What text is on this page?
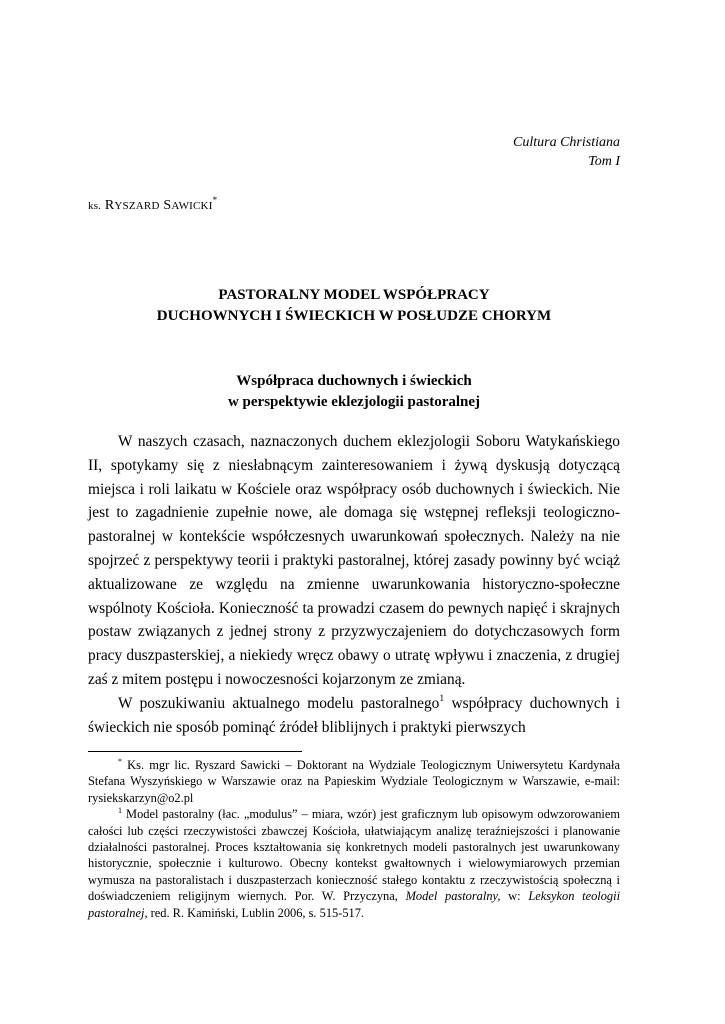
Cultura Christiana
Tom I
ks. RYSZARD SAWICKI*
PASTORALNY MODEL WSPÓŁPRACY
DUCHOWNYCH I ŚWIECKICH W POSŁUDZE CHORYM
Współpraca duchownych i świeckich
w perspektywie eklezjologii pastoralnej

W naszych czasach, naznaczonych duchem eklezjologii Soboru Watykańskiego II, spotykamy się z niesłabnącym zainteresowaniem i żywą dyskusją dotyczącą miejsca i roli laikatu w Kościele oraz współpracy osób duchownych i świeckich. Nie jest to zagadnienie zupełnie nowe, ale domaga się wstępnej refleksji teologiczno-pastoralnej w kontekście współczesnych uwarunkowań społecznych. Należy na nie spojrzeć z perspektywy teorii i praktyki pastoralnej, której zasady powinny być wciąż aktualizowane ze względu na zmienne uwarunkowania historyczno-społeczne wspólnoty Kościoła. Konieczność ta prowadzi czasem do pewnych napięć i skrajnych postaw związanych z jednej strony z przyzwyczajeniem do dotychczasowych form pracy duszpasterskiej, a niekiedy wręcz obawy o utratę wpływu i znaczenia, z drugiej zaś z mitem postępu i nowoczesności kojarzonym ze zmianą.

W poszukiwaniu aktualnego modelu pastoralnego$^1$ współpracy duchownych i świeckich nie sposób pominąć źródeł bliblijnych i praktyki pierwszych

* Ks. mgr lic. Ryszard Sawicki – Doktorant na Wydziale Teologicznym Uniwersytetu Kardynała Stefana Wyszyńskiego w Warszawie oraz na Papieskim Wydziale Teologicznym w Warszawie, e-mail: rysiekskarzyn@o2.pl

$^1$ Model pastoralny (łac. „modulus” – miara, wzór) jest graficznym lub opisowym odwzorowaniem całości lub części rzeczywistości zbawczej Kościoła, ułatwiającym analizę teraźniejszości i planowanie działalności pastoralnej. Proces kształtowania się konkretnych modeli pastoralnych jest uwarunkowany historycznie, społecznie i kulturowo. Obecny kontekst gwałtownych i wielowymiarowych przemian wymusza na pastoralistach i duszpasterzach konieczność stałego kontaktu z rzeczywistością społeczną i doświadczeniem religijnym wiernych. Por. W. Przyczyna, Model pastoralny, w: Leksykon teologii pastoralnej, red. R. Kamiński, Lublin 2006, s. 515-517.
